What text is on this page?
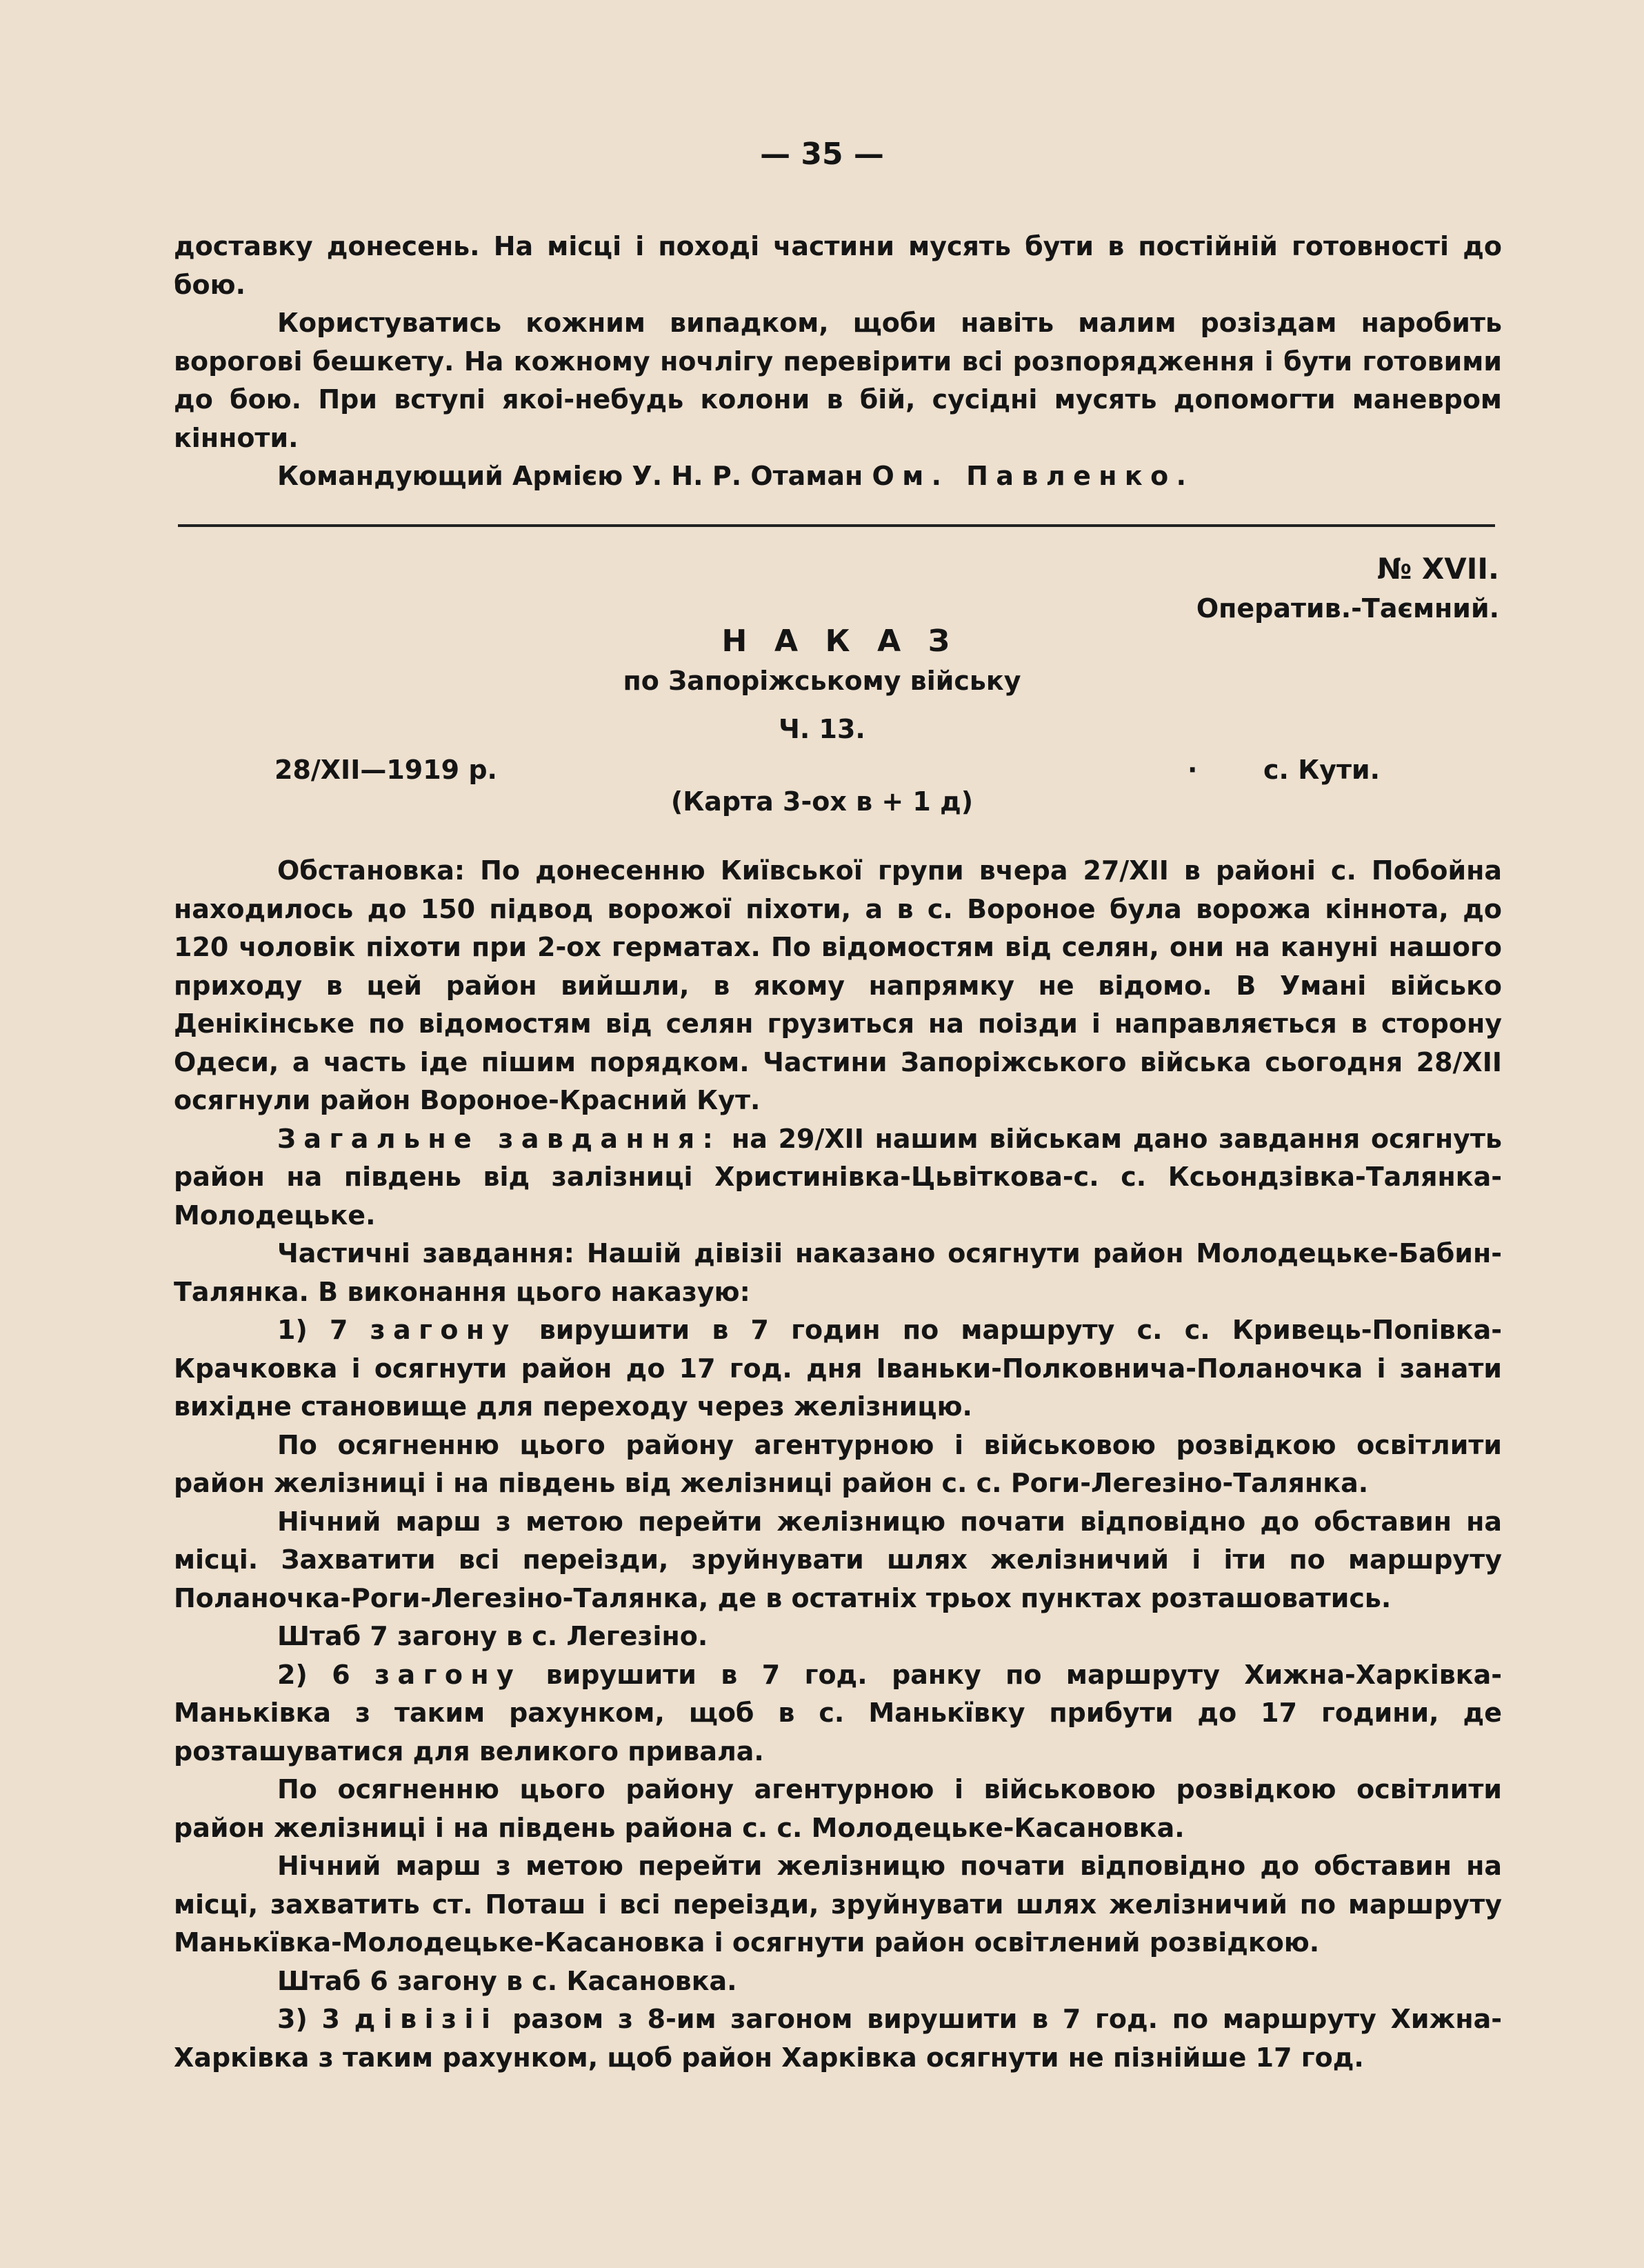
— 35 —

доставку донесень. На місці і поході частини мусять бути в постійній готовності до бою.

Користуватись кожним випадком, щоби навіть малим розіздам наробить ворогові бешкету. На кожному ночлігу перевірити всі розпорядження і бути готовими до бою. При вступі якоі-небудь колони в бій, сусідні мусять допомогти маневром кінноти.

Командующий Армією У. Н. Р. Отаман Ом. Павленко.

№ XVII.
Оператив.-Таємний.
НАКАЗ
по Запоріжському війську
Ч. 13.
28/XII—1919 р.	·	с. Кути.
(Карта 3-ох в + 1 д)

Обстановка: По донесенню Київської групи вчера 27/XII в районі с. Побойна находилось до 150 підвод ворожої піхоти, а в с. Вороное була ворожа кіннота, до 120 чоловік піхоти при 2-ох герматах. По відомостям від селян, они на кануні нашого приходу в цей район вийшли, в якому напрямку не відомо. В Умані військо Денікінське по відомостям від селян грузиться на поізди і направляється в сторону Одеси, а часть іде пішим порядком. Частини Запоріжського війська сьогодня 28/XII осягнули район Вороное-Красний Кут.

Загальне завдання: на 29/XII нашим військам дано завдання осягнуть район на південь від залізниці Христинівка-Цьвіткова-с. с. Ксьондзівка-Талянка-Молодецьке.

Частичні завдання: Нашій дівізіі наказано осягнути район Молодецьке-Бабин-Талянка. В виконання цього наказую:

1) 7 загону вирушити в 7 годин по маршруту с. с. Кривець-Попівка-Крачковка і осягнути район до 17 год. дня Іваньки-Полковнича-Поланочка і занати вихідне становище для переходу через желізницю.

По осягненню цього району агентурною і військовою розвідкою освітлити район желізниці і на південь від желізниці район с. с. Роги-Легезіно-Талянка.

Нічний марш з метою перейти желізницю почати відповідно до обставин на місці. Захватити всі переізди, зруйнувати шлях желізничий і іти по маршруту Поланочка-Роги-Легезіно-Талянка, де в остатніх трьох пунктах розташоватись.

Штаб 7 загону в с. Легезіно.

2) 6 загону вирушити в 7 год. ранку по маршруту Хижна-Харківка-Маньківка з таким рахунком, щоб в с. Манькївку прибути до 17 години, де розташуватися для великого привала.

По осягненню цього району агентурною і військовою розвідкою освітлити район желізниці і на південь района с. с. Молодецьке-Касановка.

Нічний марш з метою перейти желізницю почати відповідно до обставин на місці, захватить ст. Поташ і всі переізди, зруйнувати шлях желізничий по маршруту Манькївка-Молодецьке-Касановка і осягнути район освітлений розвідкою.

Штаб 6 загону в с. Касановка.

3) 3 дівізіі разом з 8-им загоном вирушити в 7 год. по маршруту Хижна-Харківка з таким рахунком, щоб район Харківка осягнути не пізнійше 17 год.
